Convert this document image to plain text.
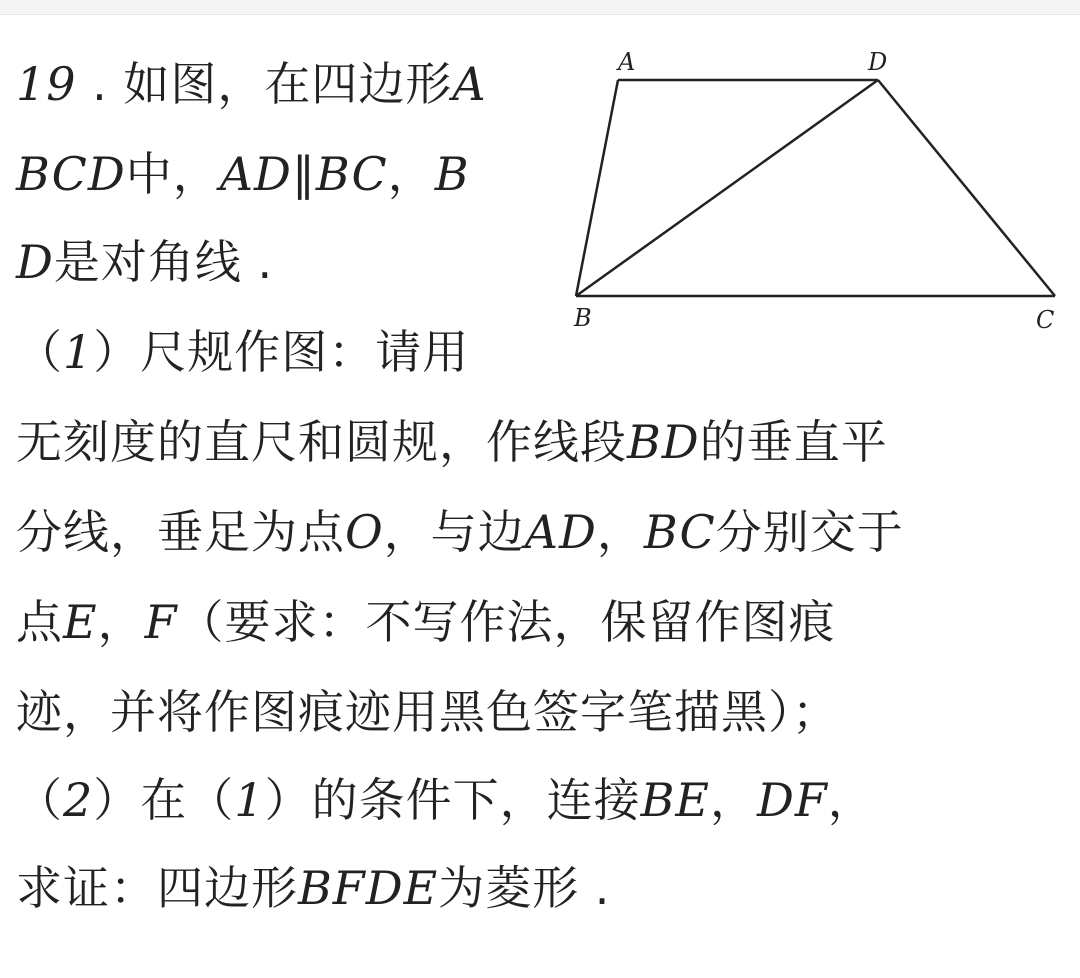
19 . 如图，在四边形A
BCD中，AD∥BC，B
D是对角线 .
（1）尺规作图：请用
无刻度的直尺和圆规，作线段BD的垂直平
分线，垂足为点O，与边AD，BC分别交于
点E，F（要求：不写作法，保留作图痕
迹，并将作图痕迹用黑色签字笔描黑）；
（2）在（1）的条件下，连接BE，DF，
求证：四边形BFDE为菱形 .
A	D
B	C
